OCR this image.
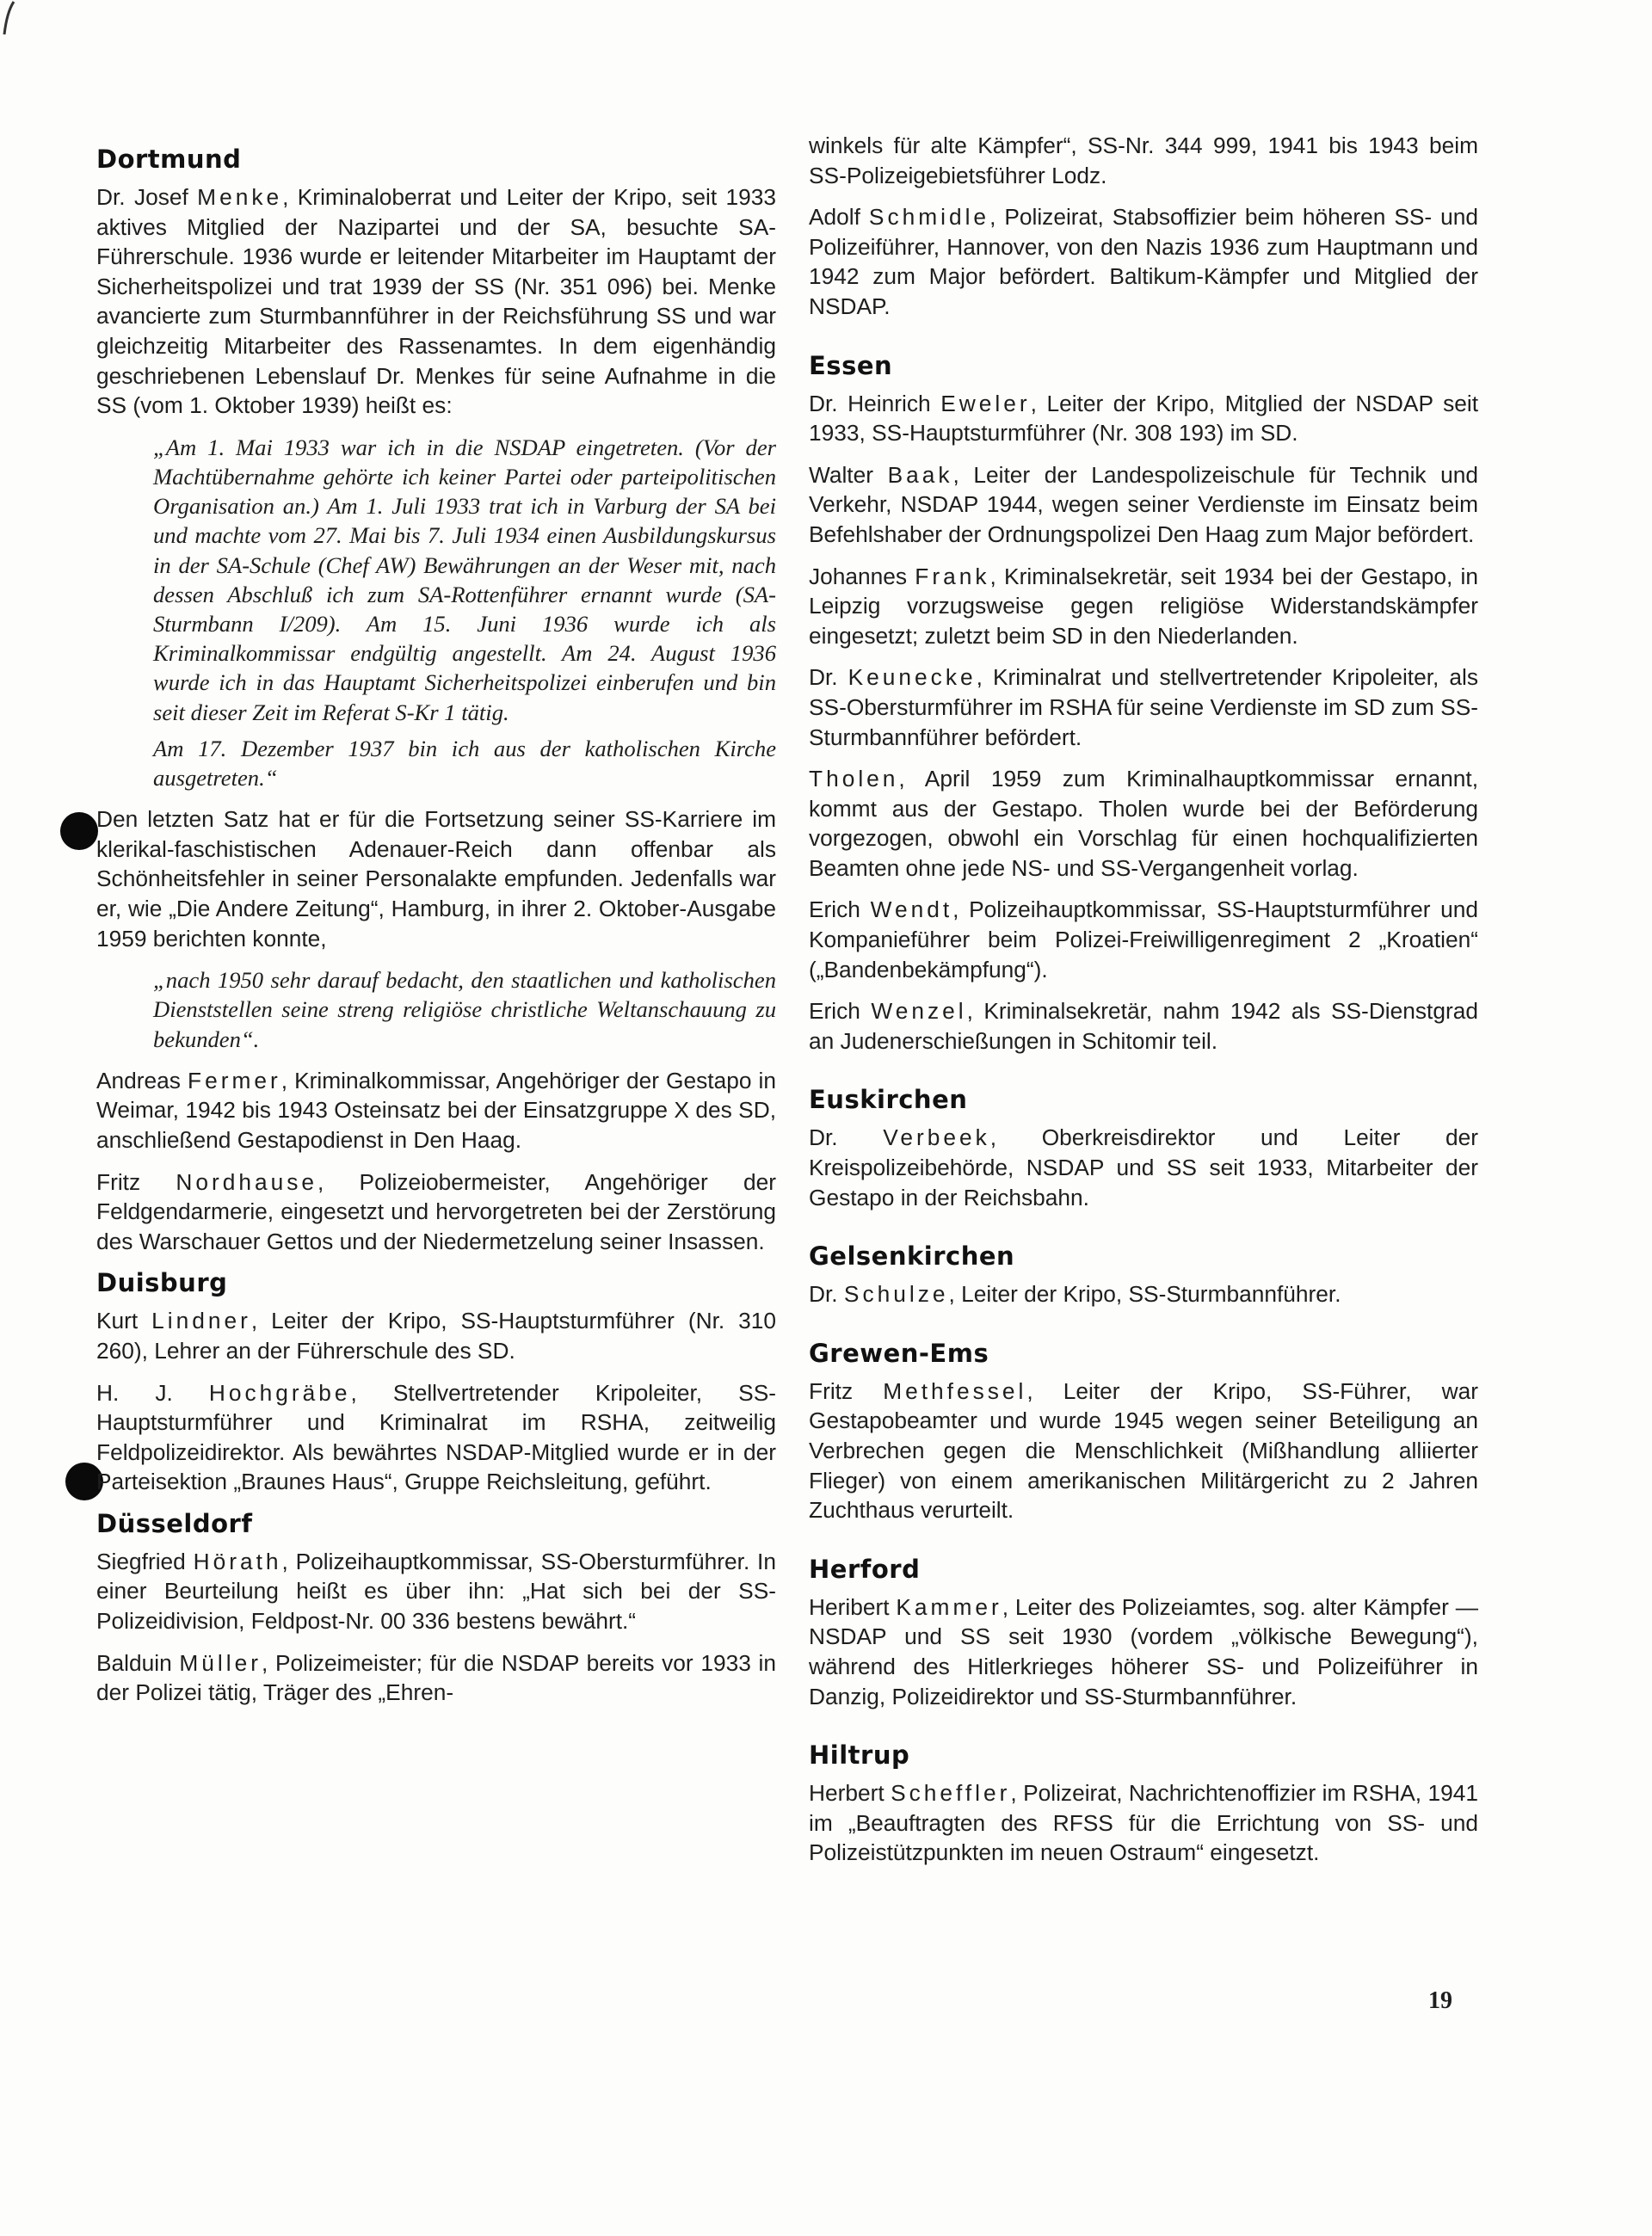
Dortmund

Dr. Josef Menke, Kriminaloberrat und Leiter der Kripo, seit 1933 aktives Mitglied der Nazipartei und der SA, besuchte SA-Führerschule. 1936 wurde er leitender Mitarbeiter im Hauptamt der Sicherheitspolizei und trat 1939 der SS (Nr. 351 096) bei. Menke avancierte zum Sturmbannführer in der Reichsführung SS und war gleichzeitig Mitarbeiter des Rassenamtes. In dem eigenhändig geschriebenen Lebenslauf Dr. Menkes für seine Aufnahme in die SS (vom 1. Oktober 1939) heißt es:

„Am 1. Mai 1933 war ich in die NSDAP eingetreten. (Vor der Machtübernahme gehörte ich keiner Partei oder parteipolitischen Organisation an.) Am 1. Juli 1933 trat ich in Varburg der SA bei und machte vom 27. Mai bis 7. Juli 1934 einen Ausbildungskursus in der SA-Schule (Chef AW) Bewährungen an der Weser mit, nach dessen Abschluß ich zum SA-Rottenführer ernannt wurde (SA-Sturmbann I/209). Am 15. Juni 1936 wurde ich als Kriminalkommissar endgültig angestellt. Am 24. August 1936 wurde ich in das Hauptamt Sicherheitspolizei einberufen und bin seit dieser Zeit im Referat S-Kr 1 tätig.

Am 17. Dezember 1937 bin ich aus der katholischen Kirche ausgetreten.“

Den letzten Satz hat er für die Fortsetzung seiner SS-Karriere im klerikal-faschistischen Adenauer-Reich dann offenbar als Schönheitsfehler in seiner Personalakte empfunden. Jedenfalls war er, wie „Die Andere Zeitung“, Hamburg, in ihrer 2. Oktober-Ausgabe 1959 berichten konnte,

„nach 1950 sehr darauf bedacht, den staatlichen und katholischen Dienststellen seine streng religiöse christliche Weltanschauung zu bekunden“.

Andreas Fermer, Kriminalkommissar, Angehöriger der Gestapo in Weimar, 1942 bis 1943 Osteinsatz bei der Einsatzgruppe X des SD, anschließend Gestapodienst in Den Haag.

Fritz Nordhause, Polizeiobermeister, Angehöriger der Feldgendarmerie, eingesetzt und hervorgetreten bei der Zerstörung des Warschauer Gettos und der Niedermetzelung seiner Insassen.

Duisburg

Kurt Lindner, Leiter der Kripo, SS-Hauptsturmführer (Nr. 310 260), Lehrer an der Führerschule des SD.

H. J. Hochgräbe, Stellvertretender Kripoleiter, SS-Hauptsturmführer und Kriminalrat im RSHA, zeitweilig Feldpolizeidirektor. Als bewährtes NSDAP-Mitglied wurde er in der Parteisektion „Braunes Haus“, Gruppe Reichsleitung, geführt.

Düsseldorf

Siegfried Hörath, Polizeihauptkommissar, SS-Obersturmführer. In einer Beurteilung heißt es über ihn: „Hat sich bei der SS-Polizeidivision, Feldpost-Nr. 00 336 bestens bewährt.“

Balduin Müller, Polizeimeister; für die NSDAP bereits vor 1933 in der Polizei tätig, Träger des „Ehren-

winkels für alte Kämpfer“, SS-Nr. 344 999, 1941 bis 1943 beim SS-Polizeigebietsführer Lodz.

Adolf Schmidle, Polizeirat, Stabsoffizier beim höheren SS- und Polizeiführer, Hannover, von den Nazis 1936 zum Hauptmann und 1942 zum Major befördert. Baltikum-Kämpfer und Mitglied der NSDAP.

Essen

Dr. Heinrich Eweler, Leiter der Kripo, Mitglied der NSDAP seit 1933, SS-Hauptsturmführer (Nr. 308 193) im SD.

Walter Baak, Leiter der Landespolizeischule für Technik und Verkehr, NSDAP 1944, wegen seiner Verdienste im Einsatz beim Befehlshaber der Ordnungspolizei Den Haag zum Major befördert.

Johannes Frank, Kriminalsekretär, seit 1934 bei der Gestapo, in Leipzig vorzugsweise gegen religiöse Widerstandskämpfer eingesetzt; zuletzt beim SD in den Niederlanden.

Dr. Keunecke, Kriminalrat und stellvertretender Kripoleiter, als SS-Obersturmführer im RSHA für seine Verdienste im SD zum SS-Sturmbannführer befördert.

Tholen, April 1959 zum Kriminalhauptkommissar ernannt, kommt aus der Gestapo. Tholen wurde bei der Beförderung vorgezogen, obwohl ein Vorschlag für einen hochqualifizierten Beamten ohne jede NS- und SS-Vergangenheit vorlag.

Erich Wendt, Polizeihauptkommissar, SS-Hauptsturmführer und Kompanieführer beim Polizei-Freiwilligenregiment 2 „Kroatien“ („Bandenbekämpfung“).

Erich Wenzel, Kriminalsekretär, nahm 1942 als SS-Dienstgrad an Judenerschießungen in Schitomir teil.

Euskirchen

Dr. Verbeek, Oberkreisdirektor und Leiter der Kreispolizeibehörde, NSDAP und SS seit 1933, Mitarbeiter der Gestapo in der Reichsbahn.

Gelsenkirchen

Dr. Schulze, Leiter der Kripo, SS-Sturmbannführer.

Grewen-Ems

Fritz Methfessel, Leiter der Kripo, SS-Führer, war Gestapobeamter und wurde 1945 wegen seiner Beteiligung an Verbrechen gegen die Menschlichkeit (Mißhandlung alliierter Flieger) von einem amerikanischen Militärgericht zu 2 Jahren Zuchthaus verurteilt.

Herford

Heribert Kammer, Leiter des Polizeiamtes, sog. alter Kämpfer — NSDAP und SS seit 1930 (vordem „völkische Bewegung“), während des Hitlerkrieges höherer SS- und Polizeiführer in Danzig, Polizeidirektor und SS-Sturmbannführer.

Hiltrup

Herbert Scheffler, Polizeirat, Nachrichtenoffizier im RSHA, 1941 im „Beauftragten des RFSS für die Errichtung von SS- und Polizeistützpunkten im neuen Ostraum“ eingesetzt.

19
